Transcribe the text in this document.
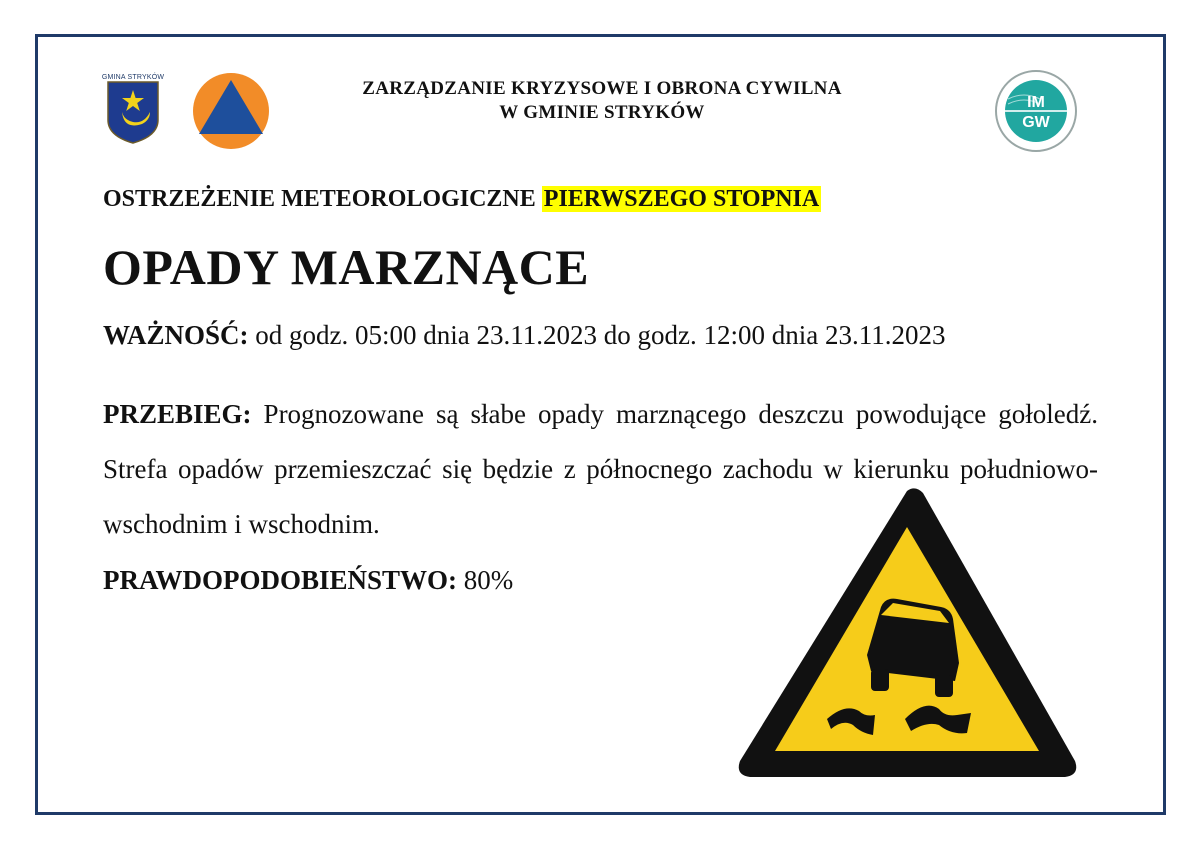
GMINA STRYKÓW
ZARZĄDZANIE KRYZYSOWE I OBRONA CYWILNA
W GMINIE STRYKÓW	IM
GW
OSTRZEŻENIE METEOROLOGICZNE PIERWSZEGO STOPNIA
OPADY MARZNĄCE
WAŻNOŚĆ: od godz. 05:00 dnia 23.11.2023 do godz. 12:00 dnia 23.11.2023
PRZEBIEG: Prognozowane są słabe opady marznącego deszczu powodujące gołoledź. Strefa opadów przemieszczać się będzie z północnego zachodu w kierunku południowo-wschodnim i wschodnim.
PRAWDOPODOBIEŃSTWO: 80%
